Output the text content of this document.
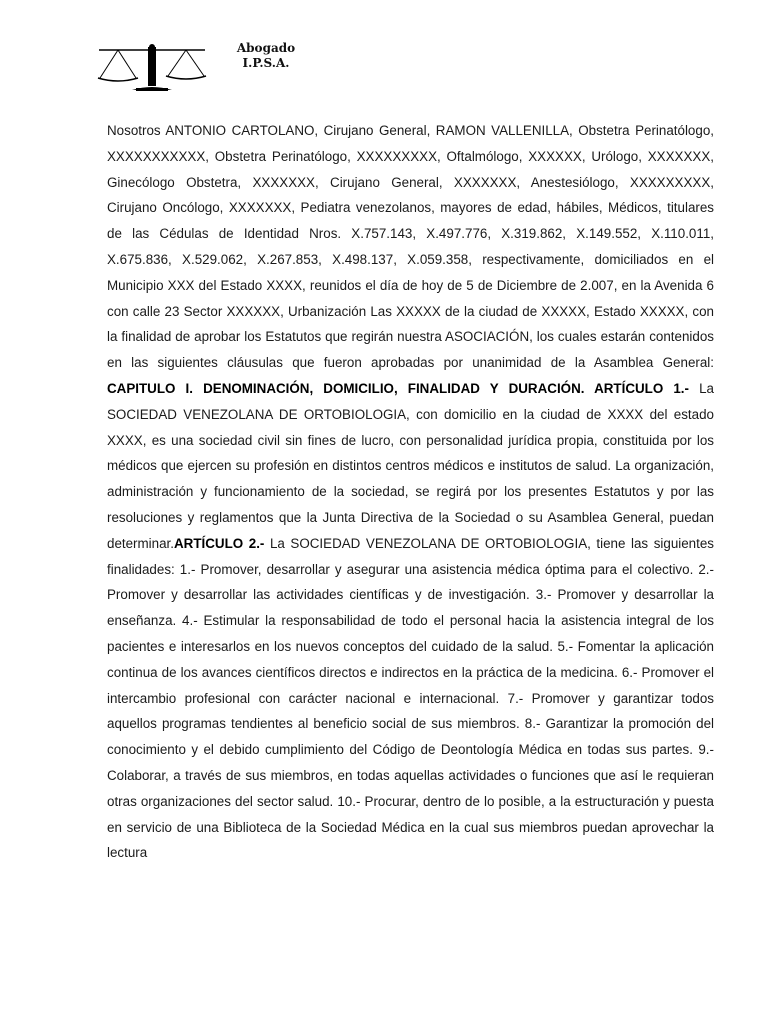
Abogado
I.P.S.A.

Nosotros ANTONIO CARTOLANO, Cirujano General, RAMON VALLENILLA, Obstetra Perinatólogo, XXXXXXXXXXX, Obstetra Perinatólogo, XXXXXXXXX, Oftalmólogo, XXXXXX, Urólogo, XXXXXXX, Ginecólogo Obstetra, XXXXXXX, Cirujano General, XXXXXXX, Anestesiólogo, XXXXXXXXX, Cirujano Oncólogo, XXXXXXX, Pediatra venezolanos, mayores de edad, hábiles, Médicos, titulares de las Cédulas de Identidad Nros. X.757.143, X.497.776, X.319.862, X.149.552, X.110.011, X.675.836, X.529.062, X.267.853, X.498.137, X.059.358, respectivamente, domiciliados en el Municipio XXX del Estado XXXX, reunidos el día de hoy de 5 de Diciembre de 2.007, en la Avenida 6 con calle 23 Sector XXXXXX, Urbanización Las XXXXX de la ciudad de XXXXX, Estado XXXXX, con la finalidad de aprobar los Estatutos que regirán nuestra ASOCIACIÓN, los cuales estarán contenidos en las siguientes cláusulas que fueron aprobadas por unanimidad de la Asamblea General: CAPITULO I. DENOMINACIÓN, DOMICILIO, FINALIDAD Y DURACIÓN. ARTÍCULO 1.- La SOCIEDAD VENEZOLANA DE ORTOBIOLOGIA, con domicilio en la ciudad de XXXX del estado XXXX, es una sociedad civil sin fines de lucro, con personalidad jurídica propia, constituida por los médicos que ejercen su profesión en distintos centros médicos e institutos de salud. La organización, administración y funcionamiento de la sociedad, se regirá por los presentes Estatutos y por las resoluciones y reglamentos que la Junta Directiva de la Sociedad o su Asamblea General, puedan determinar.ARTÍCULO 2.- La SOCIEDAD VENEZOLANA DE ORTOBIOLOGIA, tiene las siguientes finalidades: 1.- Promover, desarrollar y asegurar una asistencia médica óptima para el colectivo. 2.- Promover y desarrollar las actividades científicas y de investigación. 3.- Promover y desarrollar la enseñanza. 4.- Estimular la responsabilidad de todo el personal hacia la asistencia integral de los pacientes e interesarlos en los nuevos conceptos del cuidado de la salud. 5.- Fomentar la aplicación continua de los avances científicos directos e indirectos en la práctica de la medicina. 6.- Promover el intercambio profesional con carácter nacional e internacional. 7.- Promover y garantizar todos aquellos programas tendientes al beneficio social de sus miembros. 8.- Garantizar la promoción del conocimiento y el debido cumplimiento del Código de Deontología Médica en todas sus partes. 9.- Colaborar, a través de sus miembros, en todas aquellas actividades o funciones que así le requieran otras organizaciones del sector salud. 10.- Procurar, dentro de lo posible, a la estructuración y puesta en servicio de una Biblioteca de la Sociedad Médica en la cual sus miembros puedan aprovechar la lectura
